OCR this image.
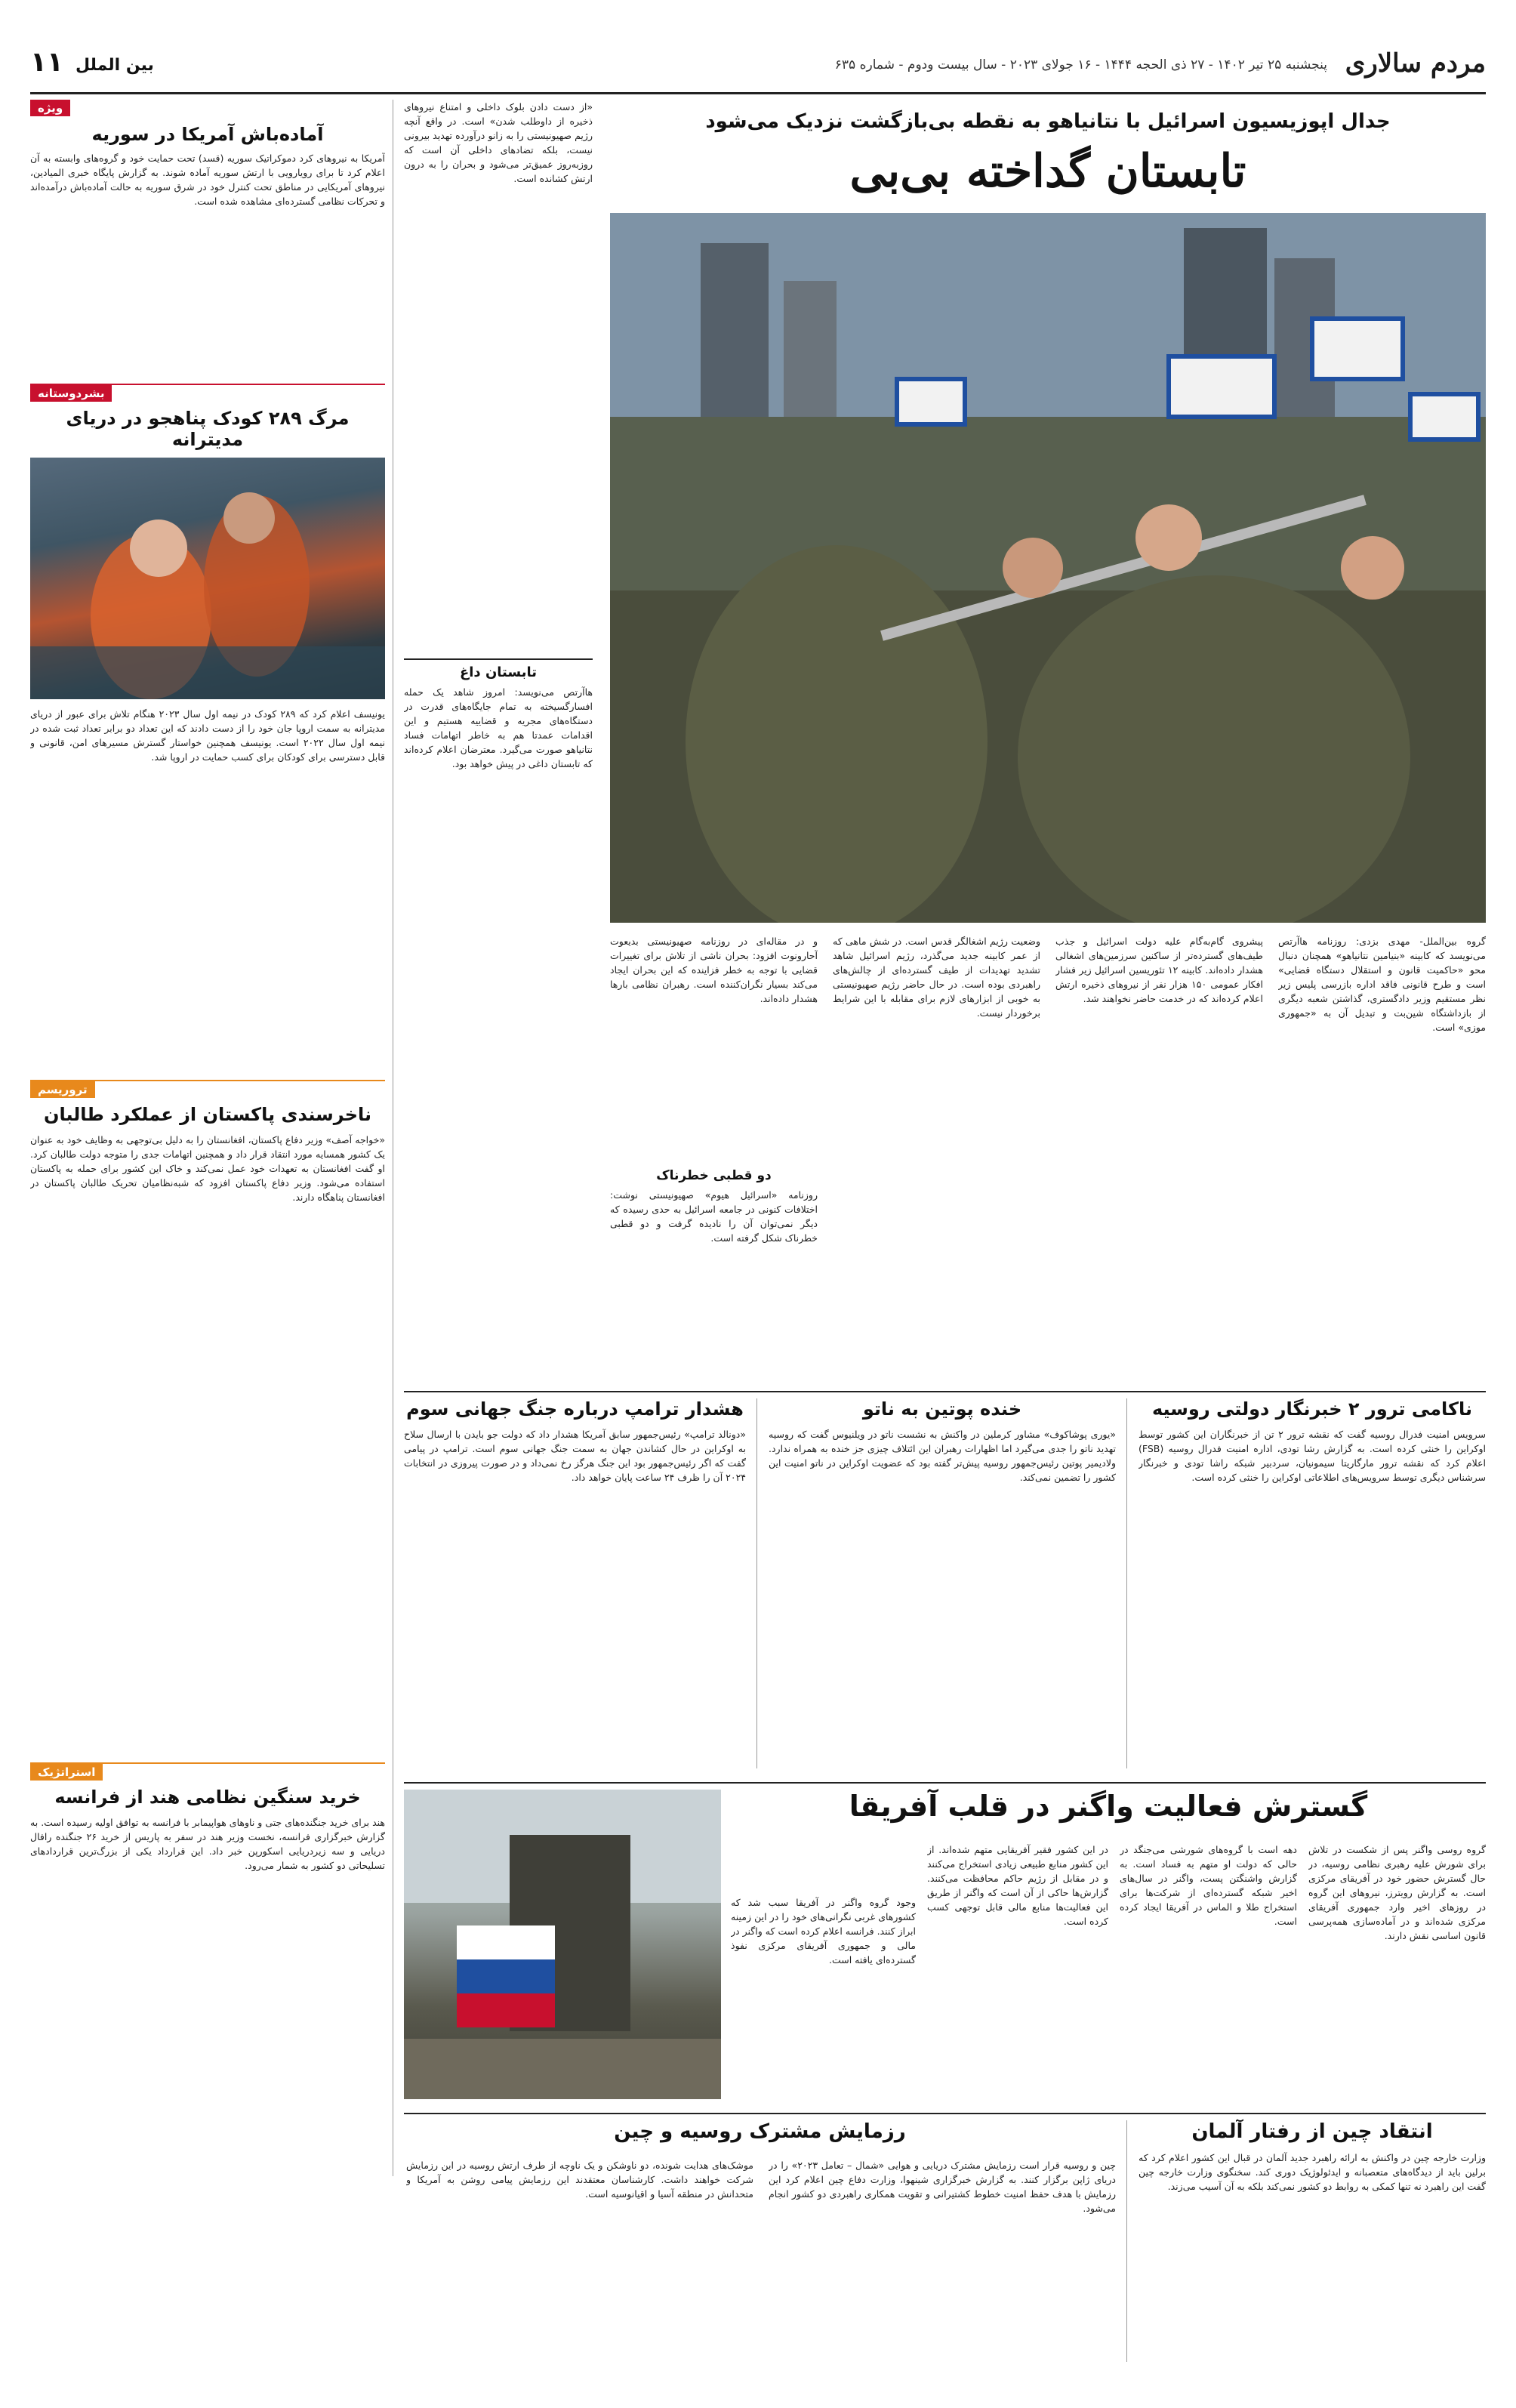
مردم سالاری
پنجشنبه ۲۵ تیر ۱۴۰۲ - ۲۷ ذی الحجه ۱۴۴۴ - ۱۶ جولای ۲۰۲۳ - سال بیست ودوم - شماره ۶۳۵
۱۱ بین الملل
ویژه
آماده‌باش آمریکا در سوریه
آمریکا به نیروهای کرد دموکراتیک سوریه (قسد) تحت حمایت خود و گروه‌های وابسته به آن اعلام کرد تا برای رویارویی با ارتش سوریه آماده شوند. به گزارش پایگاه خبری المیادین، نیروهای آمریکایی در مناطق تحت کنترل خود در شرق سوریه به حالت آماده‌باش درآمده‌اند و تحرکات نظامی گسترده‌ای مشاهده شده است.
بشردوستانه
مرگ ۲۸۹ کودک پناهجو در دریای مدیترانه
یونیسف اعلام کرد که ۲۸۹ کودک در نیمه اول سال ۲۰۲۳ هنگام تلاش برای عبور از دریای مدیترانه به سمت اروپا جان خود را از دست دادند که این تعداد دو برابر تعداد ثبت شده در نیمه اول سال ۲۰۲۲ است. یونیسف همچنین خواستار گسترش مسیرهای امن، قانونی و قابل دسترسی برای کودکان برای کسب حمایت در اروپا شد.
تروریسم
ناخرسندی پاکستان از عملکرد طالبان
«خواجه آصف» وزیر دفاع پاکستان، افغانستان را به دلیل بی‌توجهی به وظایف خود به عنوان یک کشور همسایه مورد انتقاد قرار داد و همچنین اتهامات جدی را متوجه دولت طالبان کرد. او گفت افغانستان به تعهدات خود عمل نمی‌کند و خاک این کشور برای حمله به پاکستان استفاده می‌شود. وزیر دفاع پاکستان افزود که شبه‌نظامیان تحریک طالبان پاکستان در افغانستان پناهگاه دارند.
استراتژیک
خرید سنگین نظامی هند از فرانسه
هند برای خرید جنگنده‌های جتی و ناوهای هواپیمابر با فرانسه به توافق اولیه رسیده است. به گزارش خبرگزاری فرانسه، نخست وزیر هند در سفر به پاریس از خرید ۲۶ جنگنده رافال دریایی و سه زیردریایی اسکورپن خبر داد. این قرارداد یکی از بزرگ‌ترین قراردادهای تسلیحاتی دو کشور به شمار می‌رود.
«از دست دادن بلوک داخلی و امتناع نیروهای ذخیره از داوطلب شدن» است. در واقع آنچه رژیم صهیونیستی را به زانو درآورده تهدید بیرونی نیست، بلکه تضادهای داخلی آن است که روزبه‌روز عمیق‌تر می‌شود و بحران را به درون ارتش کشانده است.
تابستان داغ
هاآرتص می‌نویسد: امروز شاهد یک حمله افسارگسیخته به تمام جایگاه‌های قدرت در دستگاه‌های مجریه و قضاییه هستیم و این اقدامات عمدتا هم به خاطر اتهامات فساد نتانیاهو صورت می‌گیرد. معترضان اعلام کرده‌اند که تابستان داغی در پیش خواهد بود.
جدال اپوزیسیون اسرائیل با نتانیاهو به نقطه بی‌بازگشت نزدیک می‌شود
تابستان گداخته بی‌بی
گروه بین‌الملل- مهدی بزدی: روزنامه هاآرتص می‌نویسد که کابینه «بنیامین نتانیاهو» همچنان دنبال محو «حاکمیت قانون و استقلال دستگاه قضایی» است و طرح قانونی فاقد اداره بازرسی پلیس زیر نظر مستقیم وزیر دادگستری، گذاشتن شعبه دیگری از بازداشتگاه شین‌بت و تبدیل آن به «جمهوری موزی» است.
پیشروی گام‌به‌گام علیه دولت اسرائیل و جذب طیف‌های گسترده‌تر از ساکنین سرزمین‌های اشغالی هشدار داده‌اند. کابینه ۱۲ تئوریسین اسرائیل زیر فشار افکار عمومی ۱۵۰ هزار نفر از نیروهای ذخیره ارتش اعلام کرده‌اند که در خدمت حاضر نخواهند شد.
وضعیت رژیم اشغالگر قدس است. در شش ماهی که از عمر کابینه جدید می‌گذرد، رژیم اسرائیل شاهد تشدید تهدیدات از طیف گسترده‌ای از چالش‌های راهبردی بوده است. در حال حاضر رژیم صهیونیستی به خوبی از ابزارهای لازم برای مقابله با این شرایط برخوردار نیست.
و در مقاله‌ای در روزنامه صهیونیستی بدیعوت آحارونوت افزود: بحران ناشی از تلاش برای تغییرات قضایی با توجه به خطر فزاینده که این بحران ایجاد می‌کند بسیار نگران‌کننده است. رهبران نظامی بارها هشدار داده‌اند.
دو قطبی خطرناک
روزنامه «اسرائیل هیوم» صهیونیستی نوشت: اختلافات کنونی در جامعه اسرائیل به حدی رسیده که دیگر نمی‌توان آن را نادیده گرفت و دو قطبی خطرناک شکل گرفته است.
ناکامی ترور ۲ خبرنگار دولتی روسیه
سرویس امنیت فدرال روسیه گفت که نقشه ترور ۲ تن از خبرنگاران این کشور توسط اوکراین را خنثی کرده است. به گزارش رشا تودی، اداره امنیت فدرال روسیه (FSB) اعلام کرد که نقشه ترور مارگاریتا سیمونیان، سردبیر شبکه راشا تودی و خبرنگار سرشناس دیگری توسط سرویس‌های اطلاعاتی اوکراین را خنثی کرده است.
خنده پوتین به ناتو
«یوری پوشاکوف» مشاور کرملین در واکنش به نشست ناتو در ویلنیوس گفت که روسیه تهدید ناتو را جدی می‌گیرد اما اظهارات رهبران این ائتلاف چیزی جز خنده به همراه ندارد. ولادیمیر پوتین رئیس‌جمهور روسیه پیش‌تر گفته بود که عضویت اوکراین در ناتو امنیت این کشور را تضمین نمی‌کند.
هشدار ترامپ درباره جنگ جهانی سوم
«دونالد ترامپ» رئیس‌جمهور سابق آمریکا هشدار داد که دولت جو بایدن با ارسال سلاح به اوکراین در حال کشاندن جهان به سمت جنگ جهانی سوم است. ترامپ در پیامی گفت که اگر رئیس‌جمهور بود این جنگ هرگز رخ نمی‌داد و در صورت پیروزی در انتخابات ۲۰۲۴ آن را ظرف ۲۴ ساعت پایان خواهد داد.
گسترش فعالیت واگنر در قلب آفریقا
گروه روسی واگنر پس از شکست در تلاش برای شورش علیه رهبری نظامی روسیه، در حال گسترش حضور خود در آفریقای مرکزی است. به گزارش رویترز، نیروهای این گروه در روزهای اخیر وارد جمهوری آفریقای مرکزی شده‌اند و در آماده‌سازی همه‌پرسی قانون اساسی نقش دارند.
دهه است با گروه‌های شورشی می‌جنگد در حالی که دولت او متهم به فساد است. به گزارش واشنگتن پست، واگنر در سال‌های اخیر شبکه گسترده‌ای از شرکت‌ها برای استخراج طلا و الماس در آفریقا ایجاد کرده است.
در این کشور فقیر آفریقایی متهم شده‌اند. از این کشور منابع طبیعی زیادی استخراج می‌کنند و در مقابل از رژیم حاکم محافظت می‌کنند. گزارش‌ها حاکی از آن است که واگنر از طریق این فعالیت‌ها منابع مالی قابل توجهی کسب کرده است.
وجود گروه واگنر در آفریقا سبب شد که کشورهای غربی نگرانی‌های خود را در این زمینه ابراز کنند. فرانسه اعلام کرده است که واگنر در مالی و جمهوری آفریقای مرکزی نفوذ گسترده‌ای یافته است.
انتقاد چین از رفتار آلمان
وزارت خارجه چین در واکنش به ارائه راهبرد جدید آلمان در قبال این کشور اعلام کرد که برلین باید از دیدگاه‌های متعصبانه و ایدئولوژیک دوری کند. سخنگوی وزارت خارجه چین گفت این راهبرد نه تنها کمکی به روابط دو کشور نمی‌کند بلکه به آن آسیب می‌زند.
رزمایش مشترک روسیه و چین
چین و روسیه قرار است رزمایش مشترک دریایی و هوایی «شمال – تعامل ۲۰۲۳» را در دریای ژاپن برگزار کنند. به گزارش خبرگزاری شینهوا، وزارت دفاع چین اعلام کرد این رزمایش با هدف حفظ امنیت خطوط کشتیرانی و تقویت همکاری راهبردی دو کشور انجام می‌شود.
موشک‌های هدایت شونده، دو ناوشکن و یک ناوچه از طرف ارتش روسیه در این رزمایش شرکت خواهند داشت. کارشناسان معتقدند این رزمایش پیامی روشن به آمریکا و متحدانش در منطقه آسیا و اقیانوسیه است.
